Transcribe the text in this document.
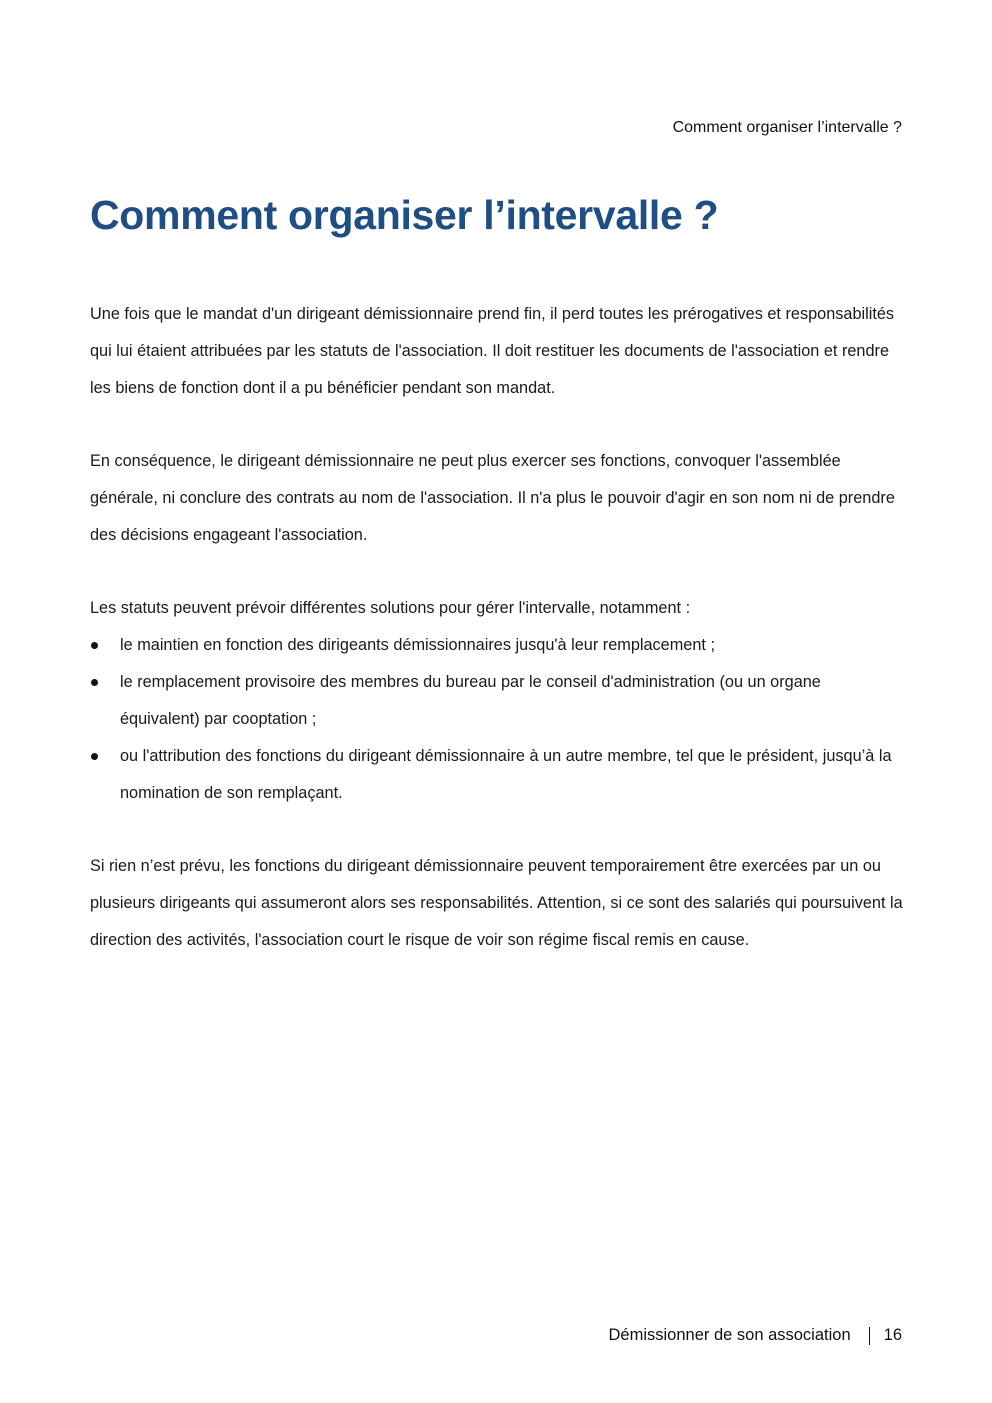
Comment organiser l’intervalle ?
Comment organiser l’intervalle ?

Une fois que le mandat d'un dirigeant démissionnaire prend fin, il perd toutes les prérogatives et responsabilités qui lui étaient attribuées par les statuts de l'association. Il doit restituer les documents de l'association et rendre les biens de fonction dont il a pu bénéficier pendant son mandat.

En conséquence, le dirigeant démissionnaire ne peut plus exercer ses fonctions, convoquer l'assemblée générale, ni conclure des contrats au nom de l'association. Il n'a plus le pouvoir d'agir en son nom ni de prendre des décisions engageant l'association.

Les statuts peuvent prévoir différentes solutions pour gérer l'intervalle, notamment :

le maintien en fonction des dirigeants démissionnaires jusqu'à leur remplacement ;
le remplacement provisoire des membres du bureau par le conseil d'administration (ou un organe équivalent) par cooptation ;
ou l'attribution des fonctions du dirigeant démissionnaire à un autre membre, tel que le président, jusqu’à la nomination de son remplaçant.

Si rien n’est prévu, les fonctions du dirigeant démissionnaire peuvent temporairement être exercées par un ou plusieurs dirigeants qui assumeront alors ses responsabilités. Attention, si ce sont des salariés qui poursuivent la direction des activités, l'association court le risque de voir son régime fiscal remis en cause.

Démissionner de son association 16
